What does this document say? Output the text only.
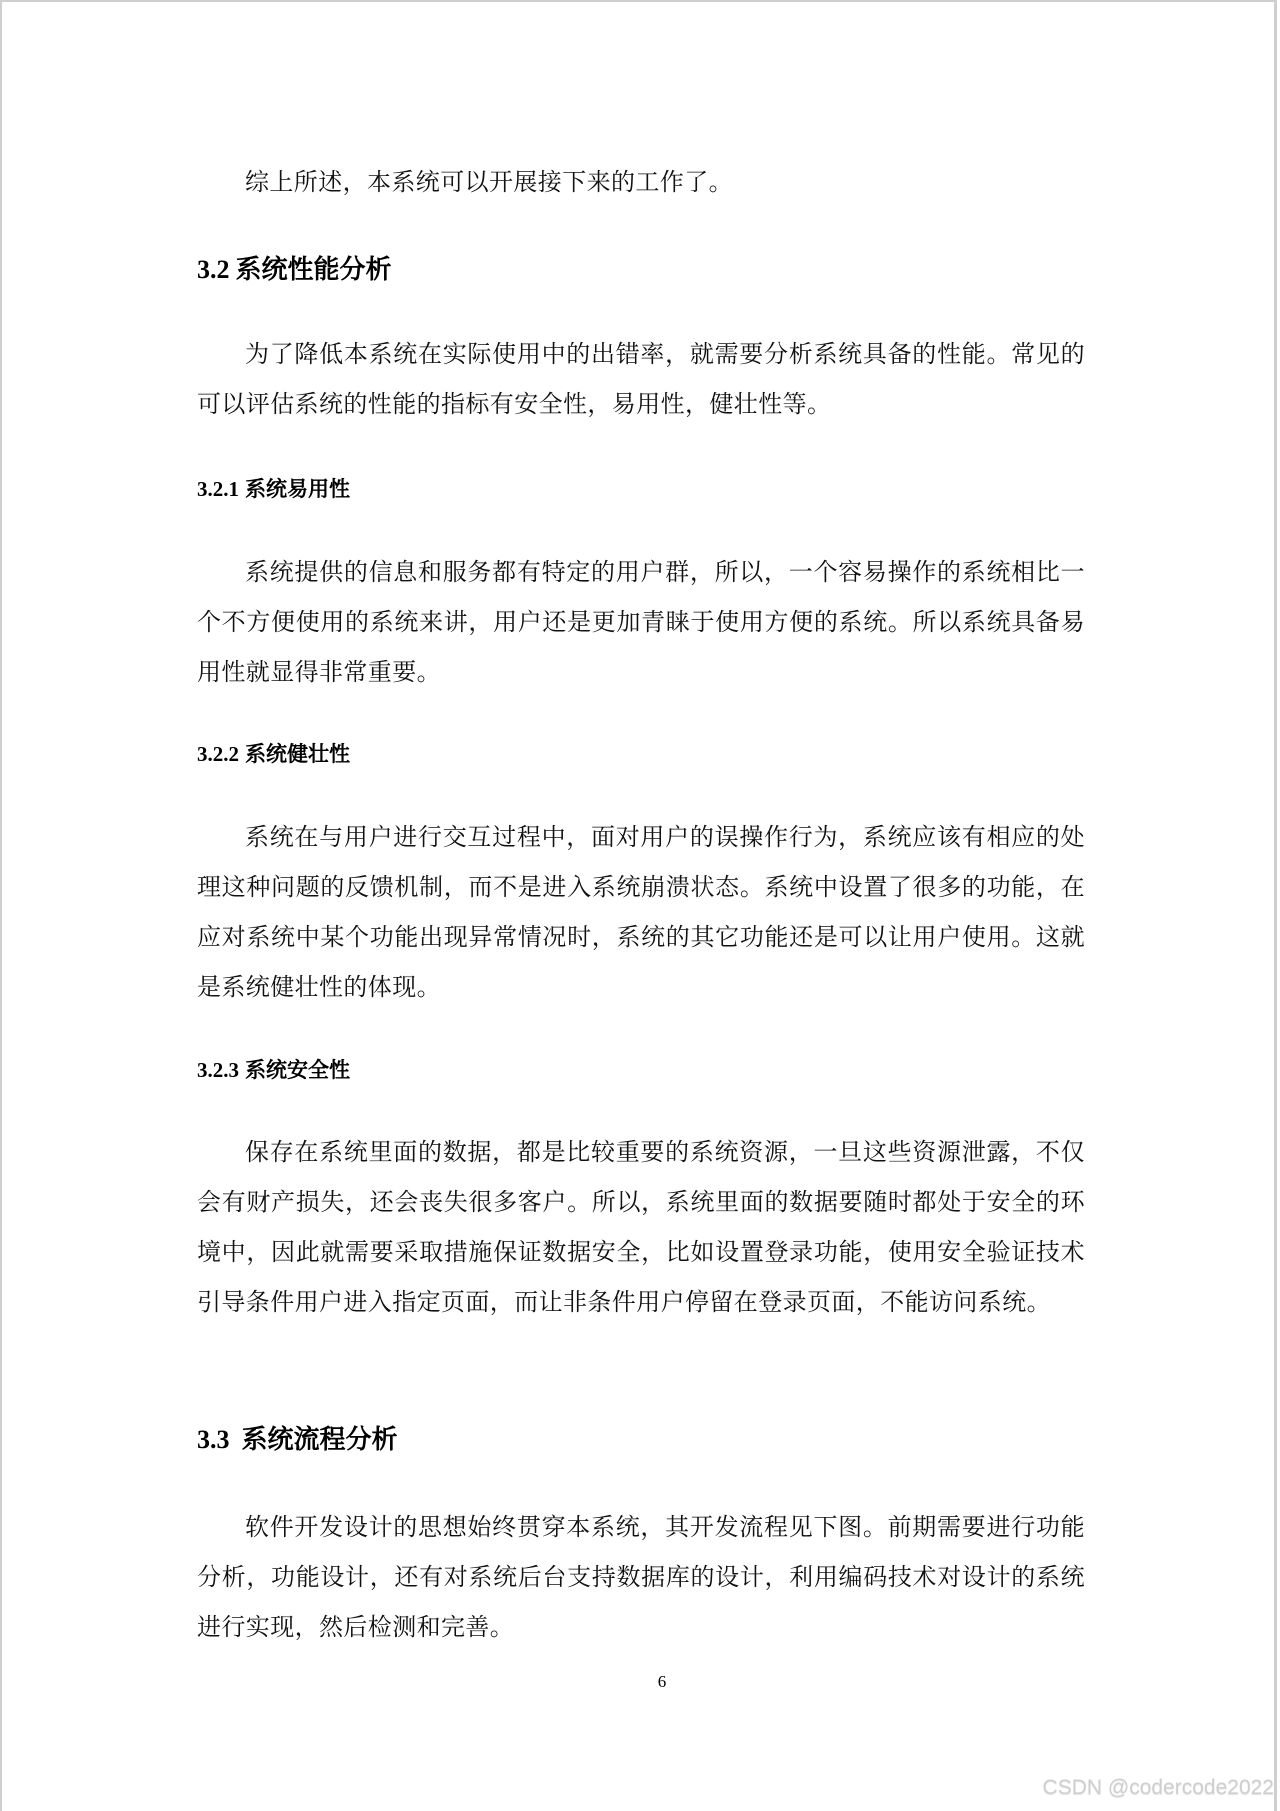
综上所述，本系统可以开展接下来的工作了。

3.2 系统性能分析

为了降低本系统在实际使用中的出错率，就需要分析系统具备的性能。常见的可以评估系统的性能的指标有安全性，易用性，健壮性等。

3.2.1 系统易用性

系统提供的信息和服务都有特定的用户群，所以，一个容易操作的系统相比一个不方便使用的系统来讲，用户还是更加青睐于使用方便的系统。所以系统具备易用性就显得非常重要。

3.2.2 系统健壮性

系统在与用户进行交互过程中，面对用户的误操作行为，系统应该有相应的处理这种问题的反馈机制，而不是进入系统崩溃状态。系统中设置了很多的功能，在应对系统中某个功能出现异常情况时，系统的其它功能还是可以让用户使用。这就是系统健壮性的体现。

3.2.3 系统安全性

保存在系统里面的数据，都是比较重要的系统资源，一旦这些资源泄露，不仅会有财产损失，还会丧失很多客户。所以，系统里面的数据要随时都处于安全的环境中，因此就需要采取措施保证数据安全，比如设置登录功能，使用安全验证技术引导条件用户进入指定页面，而让非条件用户停留在登录页面，不能访问系统。

3.3 系统流程分析

软件开发设计的思想始终贯穿本系统，其开发流程见下图。前期需要进行功能分析，功能设计，还有对系统后台支持数据库的设计，利用编码技术对设计的系统进行实现，然后检测和完善。

6
CSDN @codercode2022
